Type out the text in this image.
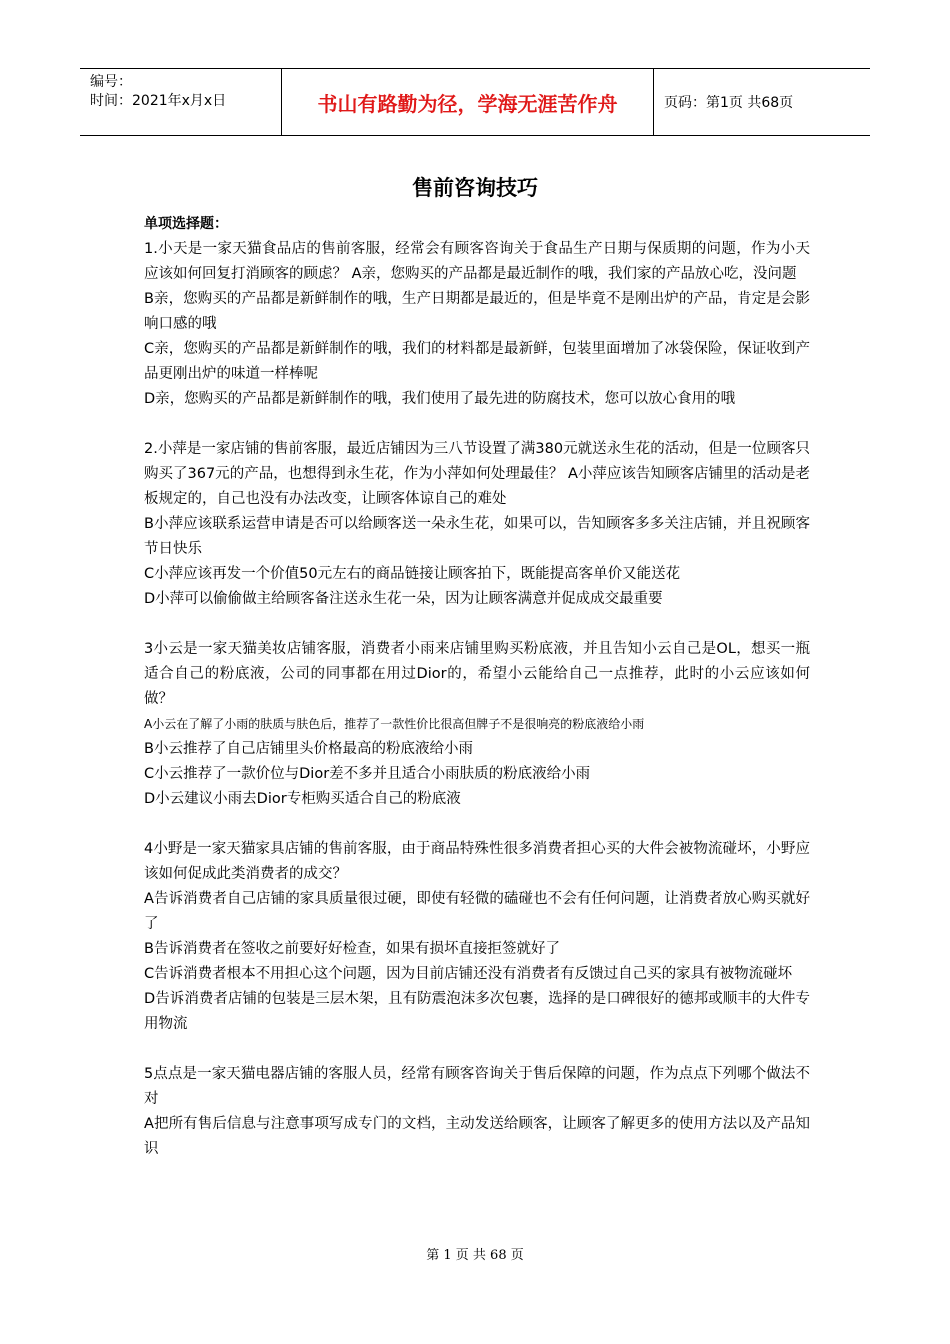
编号：
时间：2021年x月x日	书山有路勤为径，学海无涯苦作舟	页码：第1页 共68页
售前咨询技巧

单项选择题：

1.小天是一家天猫食品店的售前客服，经常会有顾客咨询关于食品生产日期与保质期的问题，作为小天应该如何回复打消顾客的顾虑？ A亲，您购买的产品都是最近制作的哦，我们家的产品放心吃，没问题

B亲，您购买的产品都是新鲜制作的哦，生产日期都是最近的，但是毕竟不是刚出炉的产品，肯定是会影响口感的哦

C亲，您购买的产品都是新鲜制作的哦，我们的材料都是最新鲜，包装里面增加了冰袋保险，保证收到产品更刚出炉的味道一样棒呢

D亲，您购买的产品都是新鲜制作的哦，我们使用了最先进的防腐技术，您可以放心食用的哦

2.小萍是一家店铺的售前客服，最近店铺因为三八节设置了满380元就送永生花的活动，但是一位顾客只购买了367元的产品，也想得到永生花，作为小萍如何处理最佳？ A小萍应该告知顾客店铺里的活动是老板规定的，自己也没有办法改变，让顾客体谅自己的难处

B小萍应该联系运营申请是否可以给顾客送一朵永生花，如果可以，告知顾客多多关注店铺，并且祝顾客节日快乐

C小萍应该再发一个价值50元左右的商品链接让顾客拍下，既能提高客单价又能送花

D小萍可以偷偷做主给顾客备注送永生花一朵，因为让顾客满意并促成成交最重要

3小云是一家天猫美妆店铺客服，消费者小雨来店铺里购买粉底液，并且告知小云自己是OL，想买一瓶适合自己的粉底液，公司的同事都在用过Dior的，希望小云能给自己一点推荐，此时的小云应该如何做？

A小云在了解了小雨的肤质与肤色后，推荐了一款性价比很高但牌子不是很响亮的粉底液给小雨

B小云推荐了自己店铺里头价格最高的粉底液给小雨

C小云推荐了一款价位与Dior差不多并且适合小雨肤质的粉底液给小雨

D小云建议小雨去Dior专柜购买适合自己的粉底液

4小野是一家天猫家具店铺的售前客服，由于商品特殊性很多消费者担心买的大件会被物流碰坏，小野应该如何促成此类消费者的成交？

A告诉消费者自己店铺的家具质量很过硬，即使有轻微的磕碰也不会有任何问题，让消费者放心购买就好了

B告诉消费者在签收之前要好好检查，如果有损坏直接拒签就好了

C告诉消费者根本不用担心这个问题，因为目前店铺还没有消费者有反馈过自己买的家具有被物流碰坏

D告诉消费者店铺的包装是三层木架，且有防震泡沫多次包裹，选择的是口碑很好的德邦或顺丰的大件专用物流

5点点是一家天猫电器店铺的客服人员，经常有顾客咨询关于售后保障的问题，作为点点下列哪个做法不对

A把所有售后信息与注意事项写成专门的文档，主动发送给顾客，让顾客了解更多的使用方法以及产品知识

第 1 页 共 68 页
